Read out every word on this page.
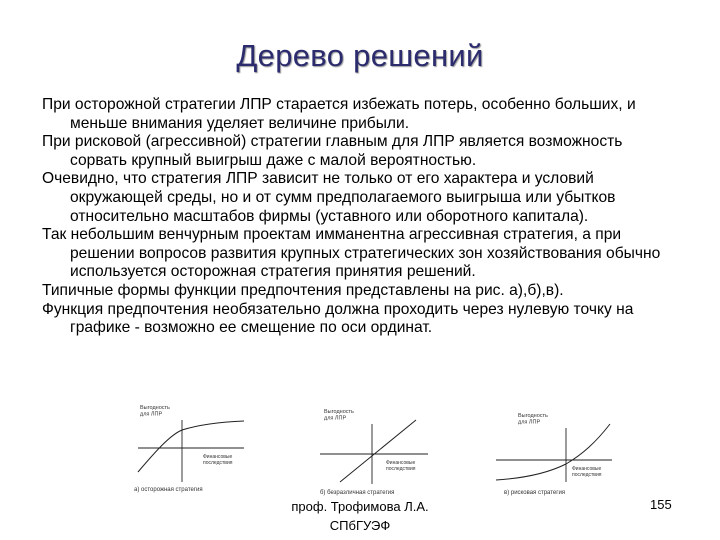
Дерево решений

При осторожной стратегии ЛПР старается избежать потерь, особенно больших, и меньше внимания уделяет величине прибыли.

При рисковой (агрессивной) стратегии главным для ЛПР является возможность сорвать крупный выигрыш даже с малой вероятностью.

Очевидно, что стратегия ЛПР зависит не только от его характера и условий окружающей среды, но и от сумм предполагаемого выигрыша или убытков относительно масштабов фирмы (уставного или оборотного капитала).

Так небольшим венчурным проектам имманентна агрессивная стратегия, а при решении вопросов развития крупных стратегических зон хозяйствования обычно используется осторожная стратегия принятия решений.

Типичные формы функции предпочтения представлены на рис. а),б),в).

Функция предпочтения необязательно должна проходить через нулевую точку на графике - возможно ее смещение по оси ординат.

Выгодность
для ЛПР
Финансовые
последствия
а) осторожная стратегия
Выгодность
для ЛПР
Финансовые
последствия
б) безразличная стратегия
Выгодность
для ЛПР
Финансовые
последствия
в) рисковая стратегия
проф. Трофимова Л.А.
СПбГУЭФ
155
